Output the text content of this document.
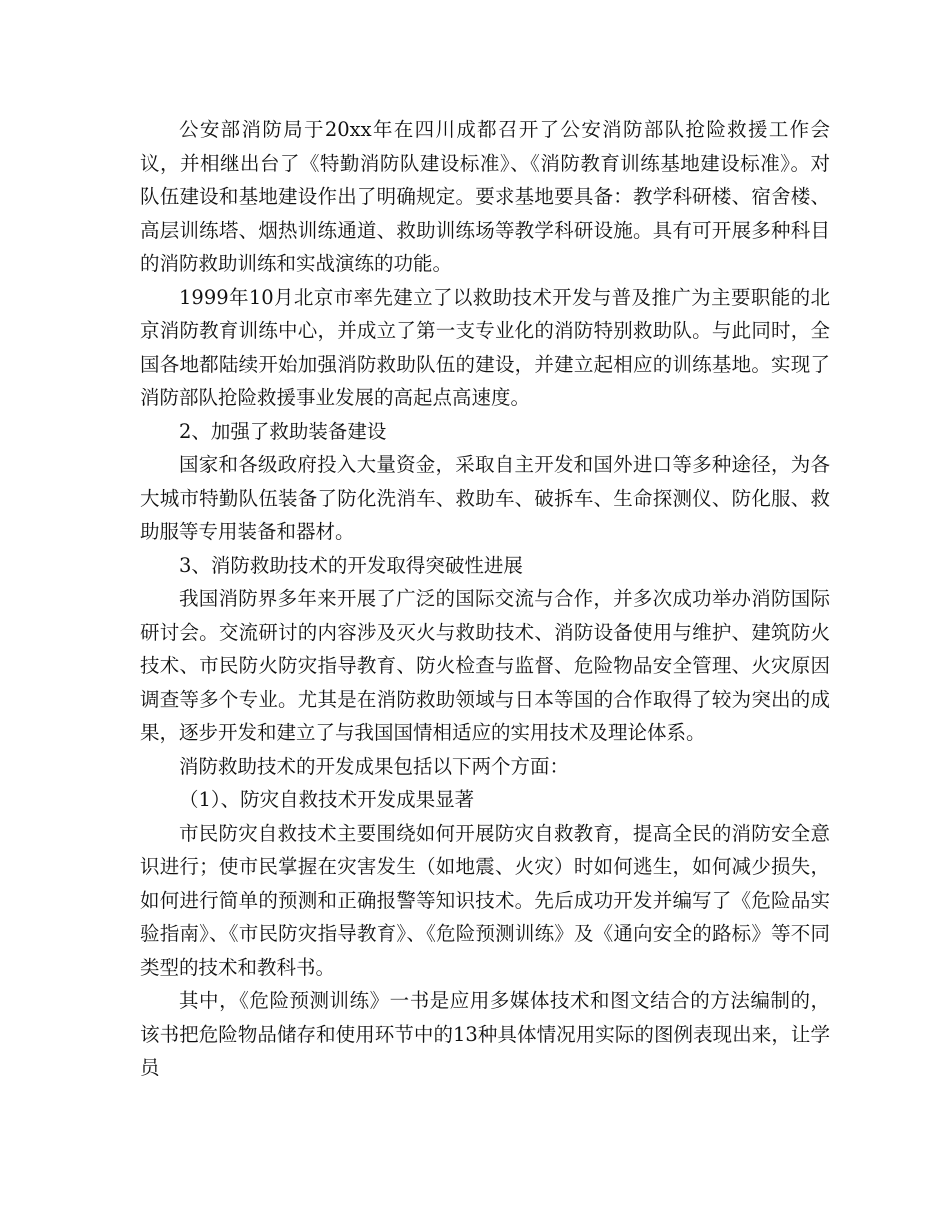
公安部消防局于20xx年在四川成都召开了公安消防部队抢险救援工作会议，并相继出台了《特勤消防队建设标准》、《消防教育训练基地建设标准》。对队伍建设和基地建设作出了明确规定。要求基地要具备：教学科研楼、宿舍楼、高层训练塔、烟热训练通道、救助训练场等教学科研设施。具有可开展多种科目的消防救助训练和实战演练的功能。

1999年10月北京市率先建立了以救助技术开发与普及推广为主要职能的北京消防教育训练中心，并成立了第一支专业化的消防特别救助队。与此同时，全国各地都陆续开始加强消防救助队伍的建设，并建立起相应的训练基地。实现了消防部队抢险救援事业发展的高起点高速度。

2、加强了救助装备建设

国家和各级政府投入大量资金，采取自主开发和国外进口等多种途径，为各大城市特勤队伍装备了防化洗消车、救助车、破拆车、生命探测仪、防化服、救助服等专用装备和器材。

3、消防救助技术的开发取得突破性进展

我国消防界多年来开展了广泛的国际交流与合作，并多次成功举办消防国际研讨会。交流研讨的内容涉及灭火与救助技术、消防设备使用与维护、建筑防火技术、市民防火防灾指导教育、防火检查与监督、危险物品安全管理、火灾原因调查等多个专业。尤其是在消防救助领域与日本等国的合作取得了较为突出的成果，逐步开发和建立了与我国国情相适应的实用技术及理论体系。

消防救助技术的开发成果包括以下两个方面：

（1）、防灾自救技术开发成果显著

市民防灾自救技术主要围绕如何开展防灾自救教育，提高全民的消防安全意识进行；使市民掌握在灾害发生（如地震、火灾）时如何逃生，如何减少损失，如何进行简单的预测和正确报警等知识技术。先后成功开发并编写了《危险品实验指南》、《市民防灾指导教育》、《危险预测训练》及《通向安全的路标》等不同类型的技术和教科书。

其中，《危险预测训练》一书是应用多媒体技术和图文结合的方法编制的，该书把危险物品储存和使用环节中的13种具体情况用实际的图例表现出来，让学员
